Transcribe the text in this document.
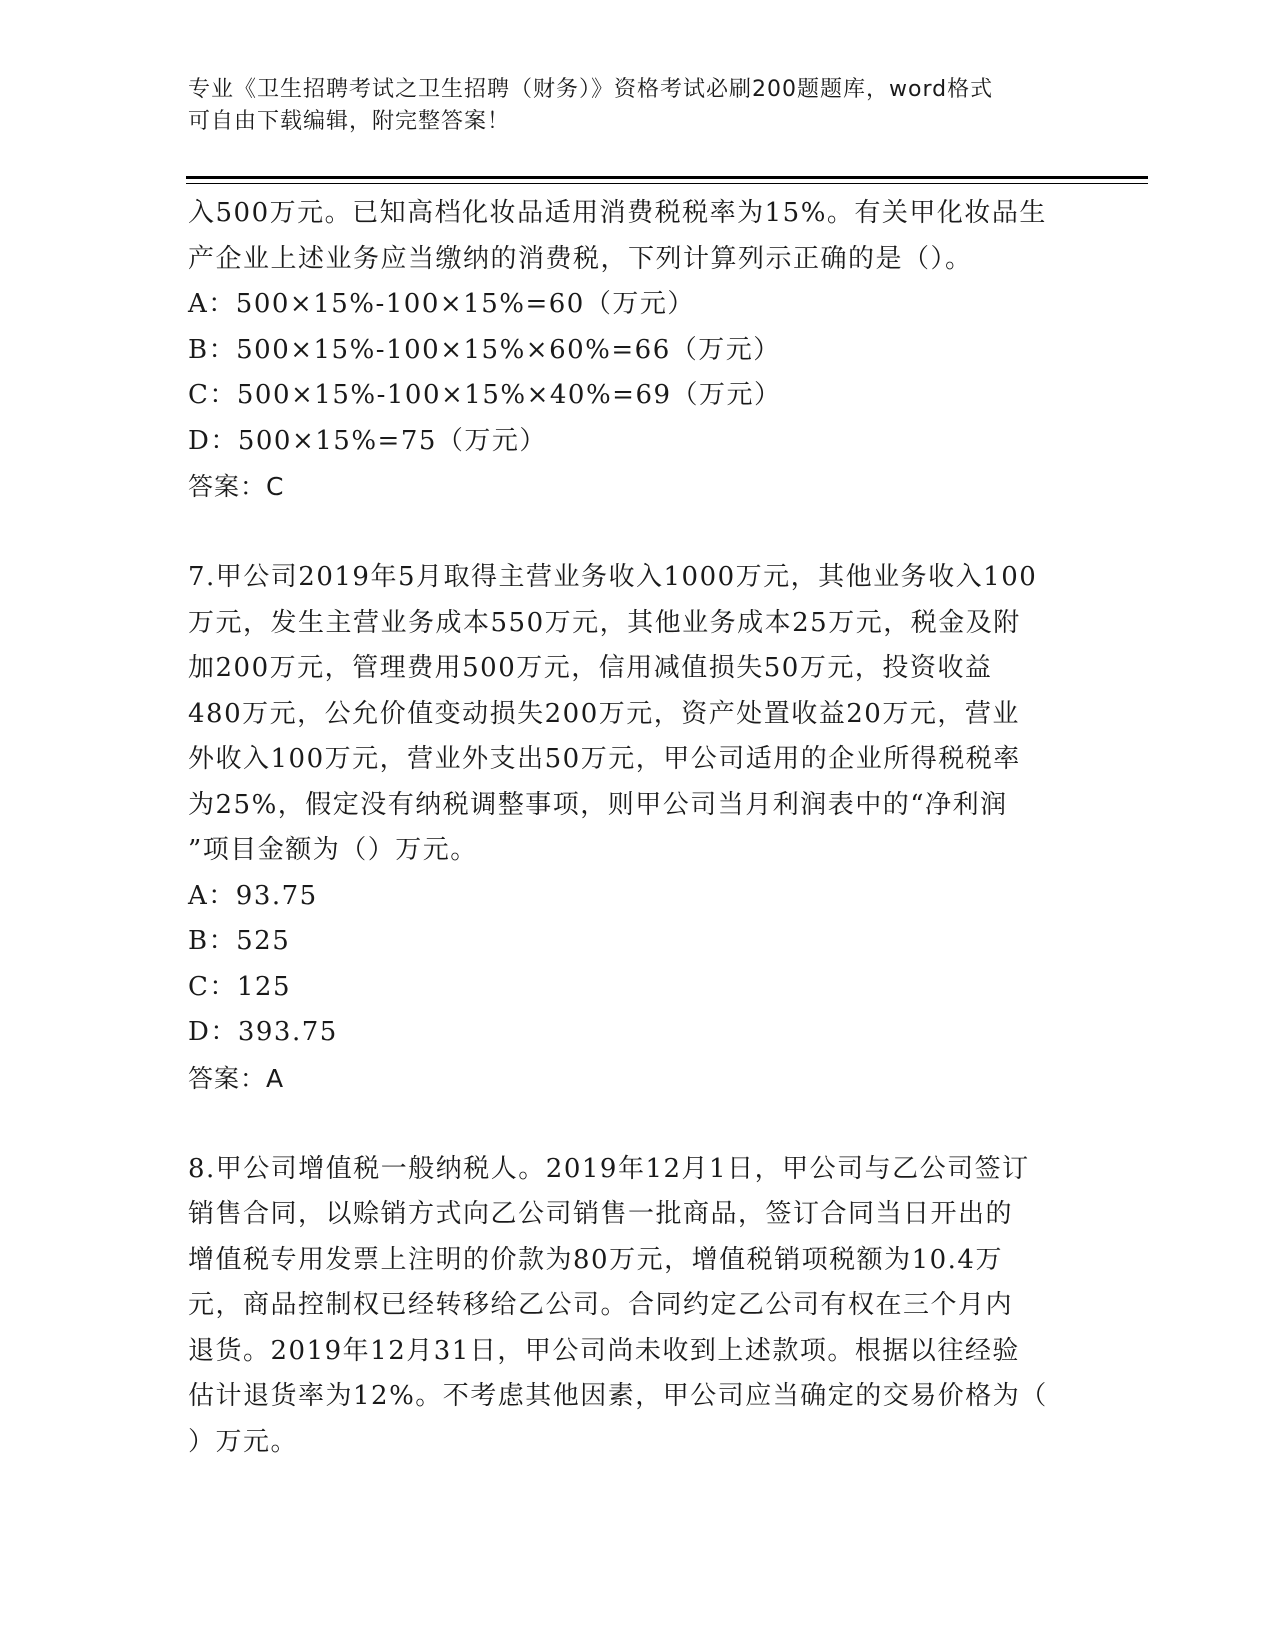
专业《卫生招聘考试之卫生招聘（财务）》资格考试必刷200题题库，word格式
可自由下载编辑，附完整答案！
入500万元。已知高档化妆品适用消费税税率为15%。有关甲化妆品生
产企业上述业务应当缴纳的消费税，下列计算列示正确的是（）。
A：500×15%-100×15%=60（万元）
B：500×15%-100×15%×60%=66（万元）
C：500×15%-100×15%×40%=69（万元）
D：500×15%=75（万元）
答案：C
7.甲公司2019年5月取得主营业务收入1000万元，其他业务收入100
万元，发生主营业务成本550万元，其他业务成本25万元，税金及附
加200万元，管理费用500万元，信用减值损失50万元，投资收益
480万元，公允价值变动损失200万元，资产处置收益20万元，营业
外收入100万元，营业外支出50万元，甲公司适用的企业所得税税率
为25%，假定没有纳税调整事项，则甲公司当月利润表中的“净利润
”项目金额为（）万元。
A：93.75
B：525
C：125
D：393.75
答案：A
8.甲公司增值税一般纳税人。2019年12月1日，甲公司与乙公司签订
销售合同，以赊销方式向乙公司销售一批商品，签订合同当日开出的
增值税专用发票上注明的价款为80万元，增值税销项税额为10.4万
元，商品控制权已经转移给乙公司。合同约定乙公司有权在三个月内
退货。2019年12月31日，甲公司尚未收到上述款项。根据以往经验
估计退货率为12%。不考虑其他因素，甲公司应当确定的交易价格为（
）万元。
